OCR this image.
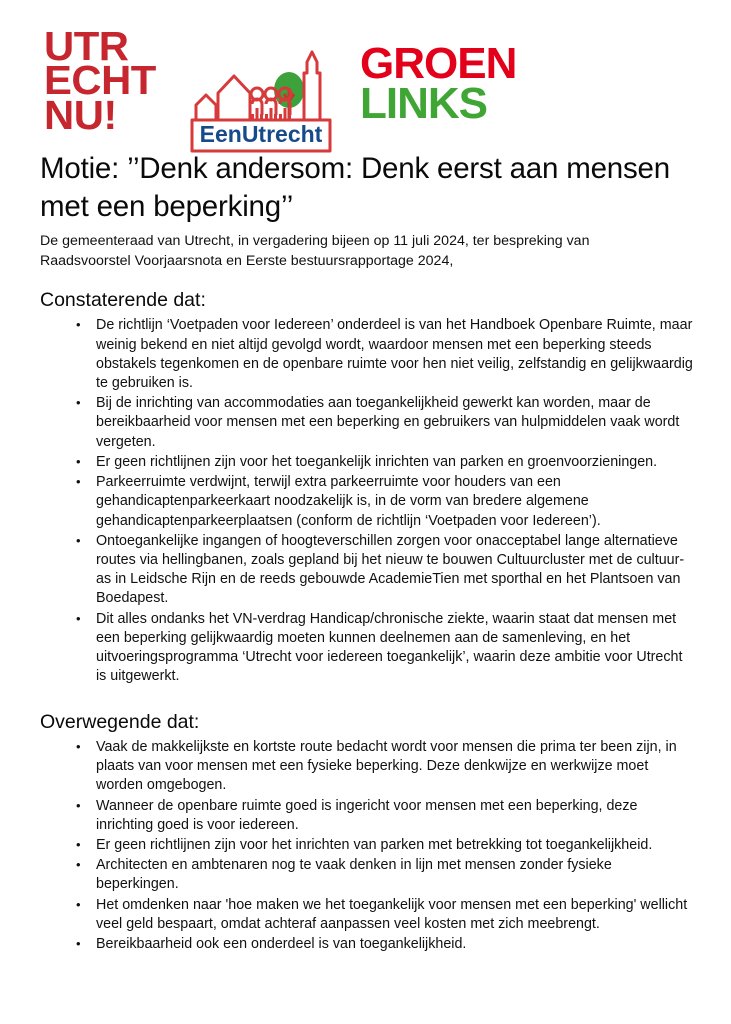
UTR
ECHT
NU!	EenUtrecht
GROEN
LINKS
Motie: ’’Denk andersom: Denk eerst aan mensen met een beperking’’

De gemeenteraad van Utrecht, in vergadering bijeen op 11 juli 2024, ter bespreking van Raadsvoorstel Voorjaarsnota en Eerste bestuursrapportage 2024,

Constaterende dat:
• De richtlijn ‘Voetpaden voor Iedereen’ onderdeel is van het Handboek Openbare Ruimte, maar weinig bekend en niet altijd gevolgd wordt, waardoor mensen met een beperking steeds obstakels tegenkomen en de openbare ruimte voor hen niet veilig, zelfstandig en gelijkwaardig te gebruiken is.
• Bij de inrichting van accommodaties aan toegankelijkheid gewerkt kan worden, maar de bereikbaarheid voor mensen met een beperking en gebruikers van hulpmiddelen vaak wordt vergeten.
• Er geen richtlijnen zijn voor het toegankelijk inrichten van parken en groenvoorzieningen.
• Parkeerruimte verdwijnt, terwijl extra parkeerruimte voor houders van een gehandicaptenparkeerkaart noodzakelijk is, in de vorm van bredere algemene gehandicaptenparkeerplaatsen (conform de richtlijn ‘Voetpaden voor Iedereen’).
• Ontoegankelijke ingangen of hoogteverschillen zorgen voor onacceptabel lange alternatieve routes via hellingbanen, zoals gepland bij het nieuw te bouwen Cultuurcluster met de cultuur-as in Leidsche Rijn en de reeds gebouwde AcademieTien met sporthal en het Plantsoen van Boedapest.
• Dit alles ondanks het VN-verdrag Handicap/chronische ziekte, waarin staat dat mensen met een beperking gelijkwaardig moeten kunnen deelnemen aan de samenleving, en het uitvoeringsprogramma ‘Utrecht voor iedereen toegankelijk’, waarin deze ambitie voor Utrecht is uitgewerkt.
Overwegende dat:
• Vaak de makkelijkste en kortste route bedacht wordt voor mensen die prima ter been zijn, in plaats van voor mensen met een fysieke beperking. Deze denkwijze en werkwijze moet worden omgebogen.
• Wanneer de openbare ruimte goed is ingericht voor mensen met een beperking, deze inrichting goed is voor iedereen.
• Er geen richtlijnen zijn voor het inrichten van parken met betrekking tot toegankelijkheid.
• Architecten en ambtenaren nog te vaak denken in lijn met mensen zonder fysieke beperkingen.
• Het omdenken naar 'hoe maken we het toegankelijk voor mensen met een beperking' wellicht veel geld bespaart, omdat achteraf aanpassen veel kosten met zich meebrengt.
• Bereikbaarheid ook een onderdeel is van toegankelijkheid.
